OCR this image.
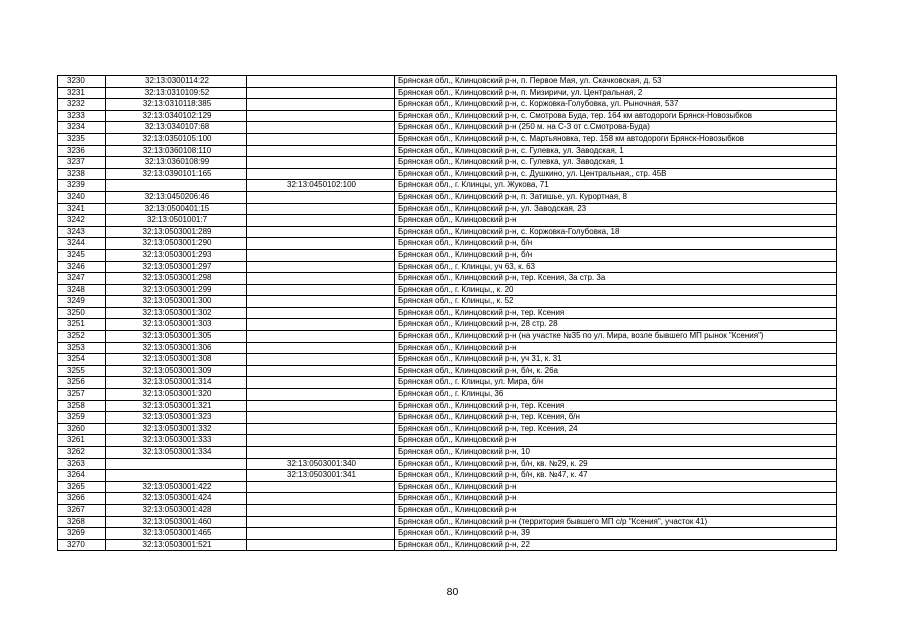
3230	32:13:0300114:22		Брянская обл., Клинцовский р-н, п. Первое Мая, ул. Скачковская, д. 53
3231	32:13:0310109:52		Брянская обл., Клинцовский р-н, п. Мизиричи, ул. Центральная, 2
3232	32:13:0310118:385		Брянская обл., Клинцовский р-н, с. Коржовка-Голубовка, ул. Рыночная, 537
3233	32:13:0340102:129		Брянская обл., Клинцовский р-н, с. Смотрова Буда, тер. 164 км автодороги Брянск-Новозыбков
3234	32:13:0340107:68		Брянская обл., Клинцовский р-н (250 м. на С-З от с.Смотрова-Буда)
3235	32:13:0350105:100		Брянская обл., Клинцовский р-н, с. Мартьяновка, тер. 158 км автодороги Брянск-Новозыбков
3236	32:13:0360108:110		Брянская обл., Клинцовский р-н, с. Гулевка, ул. Заводская, 1
3237	32:13:0360108:99		Брянская обл., Клинцовский р-н, с. Гулевка, ул. Заводская, 1
3238	32:13:0390101:165		Брянская обл., Клинцовский р-н, с. Душкино, ул. Центральная,, стр. 45В
3239		32:13:0450102:100	Брянская обл., г. Клинцы, ул. Жукова, 71
3240	32:13:0450206:46		Брянская обл., Клинцовский р-н, п. Затишье, ул. Курортная, 8
3241	32:13:0500401:15		Брянская обл., Клинцовский р-н, ул. Заводская, 23
3242	32:13:0501001:7		Брянская обл., Клинцовский р-н
3243	32:13:0503001:289		Брянская обл., Клинцовский р-н, с. Коржовка-Голубовка, 18
3244	32:13:0503001:290		Брянская обл., Клинцовский р-н, б/н
3245	32:13:0503001:293		Брянская обл., Клинцовский р-н, б/н
3246	32:13:0503001:297		Брянская обл., г. Клинцы, уч 63, к. 63
3247	32:13:0503001:298		Брянская обл., Клинцовский р-н, тер. Ксения, 3а стр. 3а
3248	32:13:0503001:299		Брянская обл., г. Клинцы,, к. 20
3249	32:13:0503001:300		Брянская обл., г. Клинцы,, к. 52
3250	32:13:0503001:302		Брянская обл., Клинцовский р-н, тер. Ксения
3251	32:13:0503001:303		Брянская обл., Клинцовский р-н, 28 стр. 28
3252	32:13:0503001:305		Брянская обл., Клинцовский р-н (на участке №35 по ул. Мира, возле бывшего МП рынок "Ксения")
3253	32:13:0503001:306		Брянская обл., Клинцовский р-н
3254	32:13:0503001:308		Брянская обл., Клинцовский р-н, уч 31, к. 31
3255	32:13:0503001:309		Брянская обл., Клинцовский р-н, б/н, к. 26а
3256	32:13:0503001:314		Брянская обл., г. Клинцы, ул. Мира, б/н
3257	32:13:0503001:320		Брянская обл., г. Клинцы, 36
3258	32:13:0503001:321		Брянская обл., Клинцовский р-н, тер. Ксения
3259	32:13:0503001:323		Брянская обл., Клинцовский р-н, тер. Ксения, б/н
3260	32:13:0503001:332		Брянская обл., Клинцовский р-н, тер. Ксения, 24
3261	32:13:0503001:333		Брянская обл., Клинцовский р-н
3262	32:13:0503001:334		Брянская обл., Клинцовский р-н, 10
3263		32:13:0503001:340	Брянская обл., Клинцовский р-н, б/н, кв. №29, к. 29
3264		32:13:0503001:341	Брянская обл., Клинцовский р-н, б/н, кв. №47, к. 47
3265	32:13:0503001:422		Брянская обл., Клинцовский р-н
3266	32:13:0503001:424		Брянская обл., Клинцовский р-н
3267	32:13:0503001:428		Брянская обл., Клинцовский р-н
3268	32:13:0503001:460		Брянская обл., Клинцовский р-н (территория бывшего МП с/р "Ксения", участок 41)
3269	32:13:0503001:465		Брянская обл., Клинцовский р-н, 39
3270	32:13:0503001:521		Брянская обл., Клинцовский р-н, 22
80
